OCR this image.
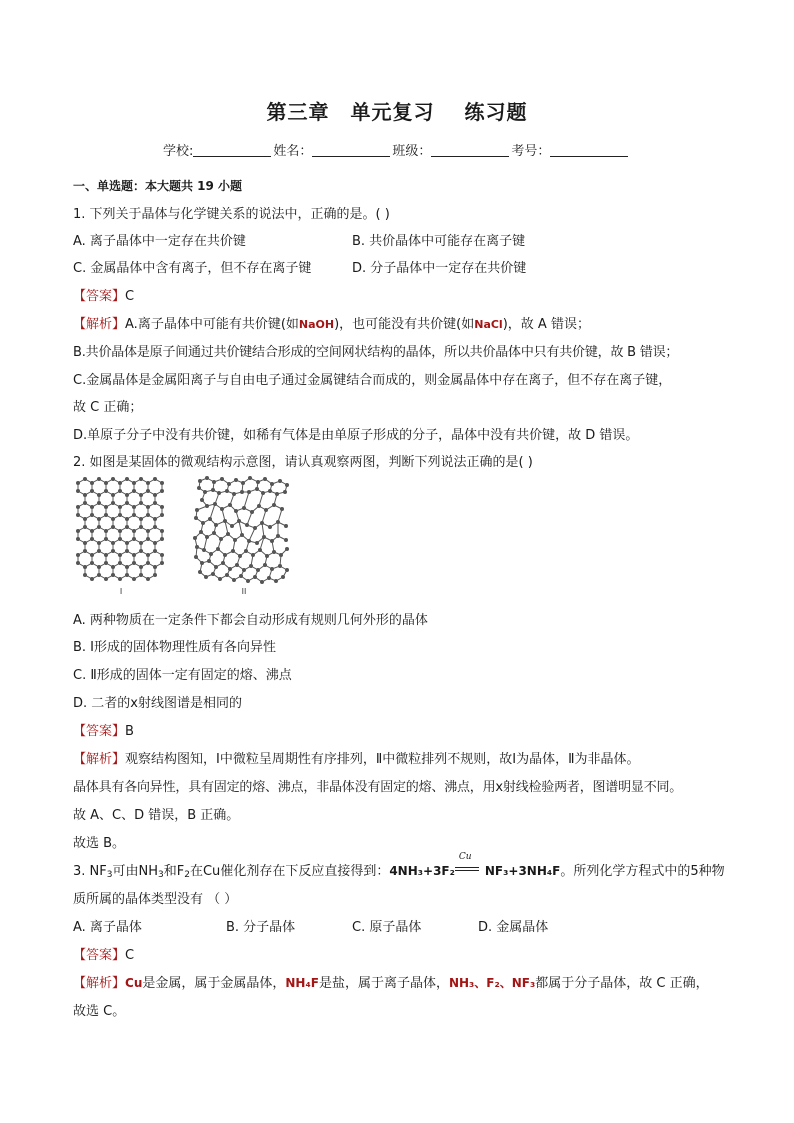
第三章　单元复习 练习题
学校:	姓名：	班级：	考号：
一、单选题：本大题共 19 小题
1. 下列关于晶体与化学键关系的说法中，正确的是。( )
A. 离子晶体中一定存在共价键	B. 共价晶体中可能存在离子键
C. 金属晶体中含有离子，但不存在离子键	D. 分子晶体中一定存在共价键
【答案】C
【解析】A.离子晶体中可能有共价键(如NaOH)，也可能没有共价键(如NaCl)，故 A 错误；
B.共价晶体是原子间通过共价键结合形成的空间网状结构的晶体，所以共价晶体中只有共价键，故 B 错误；
C.金属晶体是金属阳离子与自由电子通过金属键结合而成的，则金属晶体中存在离子，但不存在离子键，
故 C 正确；
D.单原子分子中没有共价键，如稀有气体是由单原子形成的分子，晶体中没有共价键，故 D 错误。
2. 如图是某固体的微观结构示意图，请认真观察两图，判断下列说法正确的是( )
I	II
A. 两种物质在一定条件下都会自动形成有规则几何外形的晶体
B. Ⅰ形成的固体物理性质有各向异性
C. Ⅱ形成的固体一定有固定的熔、沸点
D. 二者的x射线图谱是相同的
【答案】B
【解析】观察结构图知，Ⅰ中微粒呈周期性有序排列，Ⅱ中微粒排列不规则，故Ⅰ为晶体，Ⅱ为非晶体。
晶体具有各向异性，具有固定的熔、沸点，非晶体没有固定的熔、沸点，用x射线检验两者，图谱明显不同。
故 A、C、D 错误，B 正确。
故选 B。
3. $NF_3$可由$NH_3$和$F_2$在Cu催化剂存在下反应直接得到：4NH₃+3F₂
Cu
NF₃+3NH₄F。所列化学方程式中的5种物
质所属的晶体类型没有 （ ）
A. 离子晶体	B. 分子晶体	C. 原子晶体	D. 金属晶体
【答案】C
【解析】Cu是金属，属于金属晶体，NH₄F是盐，属于离子晶体，NH₃、F₂、NF₃都属于分子晶体，故 C 正确，
故选 C。
